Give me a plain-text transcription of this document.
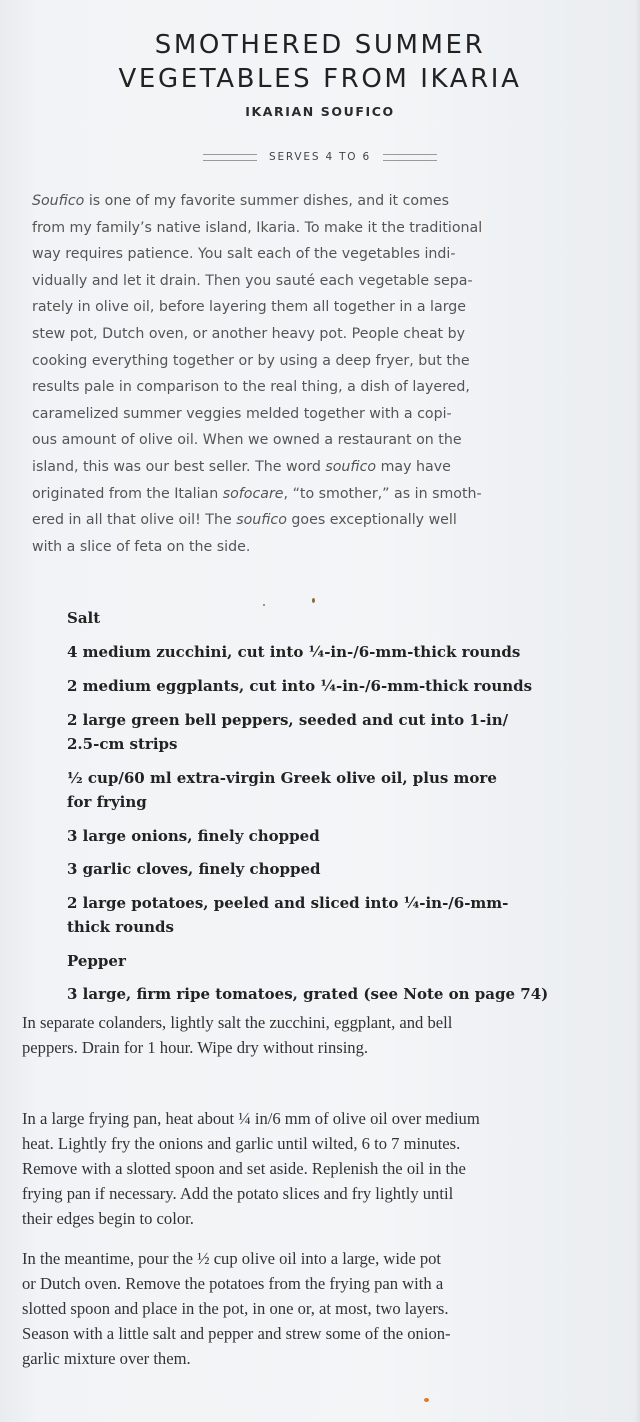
SMOTHERED SUMMER
VEGETABLES FROM IKARIA
IKARIAN SOUFICO
SERVES 4 TO 6
Soufico is one of my favorite summer dishes, and it comes
from my family’s native island, Ikaria. To make it the traditional
way requires patience. You salt each of the vegetables indi-
vidually and let it drain. Then you sauté each vegetable sepa-
rately in olive oil, before layering them all together in a large
stew pot, Dutch oven, or another heavy pot. People cheat by
cooking everything together or by using a deep fryer, but the
results pale in comparison to the real thing, a dish of layered,
caramelized summer veggies melded together with a copi-
ous amount of olive oil. When we owned a restaurant on the
island, this was our best seller. The word soufico may have
originated from the Italian sofocare, “to smother,” as in smoth-
ered in all that olive oil! The soufico goes exceptionally well
with a slice of feta on the side.
Salt
4 medium zucchini, cut into ¼-in-/6-mm-thick rounds
2 medium eggplants, cut into ¼-in-/6-mm-thick rounds
2 large green bell peppers, seeded and cut into 1-in/
2.5-cm strips
½ cup/60 ml extra-virgin Greek olive oil, plus more
for frying
3 large onions, finely chopped
3 garlic cloves, finely chopped
2 large potatoes, peeled and sliced into ¼-in-/6-mm-
thick rounds
Pepper
3 large, firm ripe tomatoes, grated (see Note on page 74)

In separate colanders, lightly salt the zucchini, eggplant, and bell
peppers. Drain for 1 hour. Wipe dry without rinsing.

In a large frying pan, heat about ¼ in/6 mm of olive oil over medium
heat. Lightly fry the onions and garlic until wilted, 6 to 7 minutes.
Remove with a slotted spoon and set aside. Replenish the oil in the
frying pan if necessary. Add the potato slices and fry lightly until
their edges begin to color.

In the meantime, pour the ½ cup olive oil into a large, wide pot
or Dutch oven. Remove the potatoes from the frying pan with a
slotted spoon and place in the pot, in one or, at most, two layers.
Season with a little salt and pepper and strew some of the onion-
garlic mixture over them.
